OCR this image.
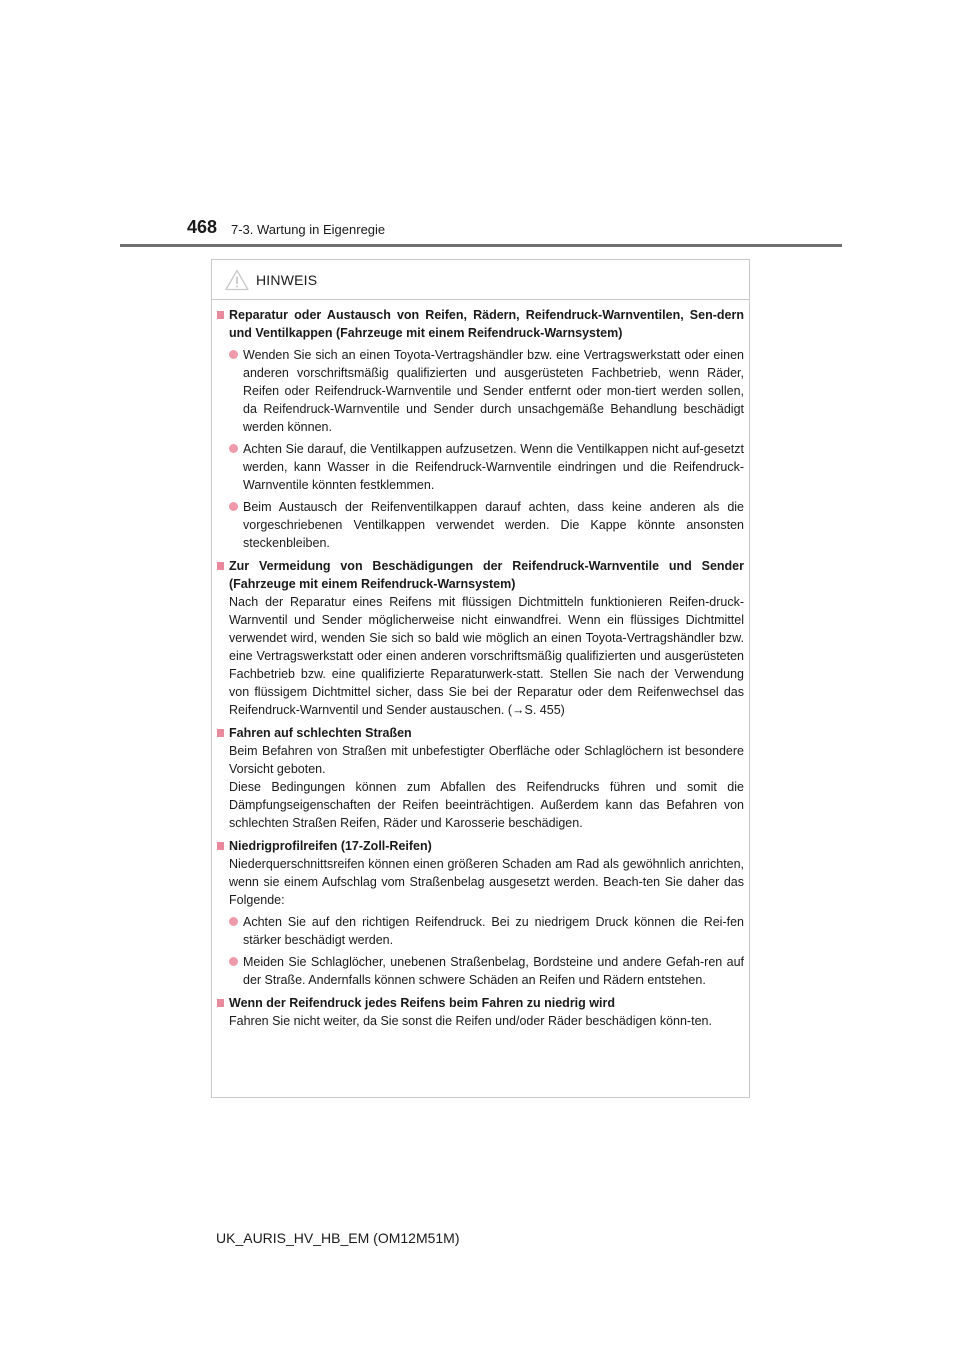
468 7-3. Wartung in Eigenregie
HINWEIS
Reparatur oder Austausch von Reifen, Rädern, Reifendruck-Warnventilen, Sen-dern und Ventilkappen (Fahrzeuge mit einem Reifendruck-Warnsystem)
Wenden Sie sich an einen Toyota-Vertragshändler bzw. eine Vertragswerkstatt oder einen anderen vorschriftsmäßig qualifizierten und ausgerüsteten Fachbetrieb, wenn Räder, Reifen oder Reifendruck-Warnventile und Sender entfernt oder mon-tiert werden sollen, da Reifendruck-Warnventile und Sender durch unsachgemäße Behandlung beschädigt werden können.
Achten Sie darauf, die Ventilkappen aufzusetzen. Wenn die Ventilkappen nicht auf-gesetzt werden, kann Wasser in die Reifendruck-Warnventile eindringen und die Reifendruck-Warnventile könnten festklemmen.
Beim Austausch der Reifenventilkappen darauf achten, dass keine anderen als die vorgeschriebenen Ventilkappen verwendet werden. Die Kappe könnte ansonsten steckenbleiben.
Zur Vermeidung von Beschädigungen der Reifendruck-Warnventile und Sender (Fahrzeuge mit einem Reifendruck-Warnsystem)
Nach der Reparatur eines Reifens mit flüssigen Dichtmitteln funktionieren Reifen-druck-Warnventil und Sender möglicherweise nicht einwandfrei. Wenn ein flüssiges Dichtmittel verwendet wird, wenden Sie sich so bald wie möglich an einen Toyota-Vertragshändler bzw. eine Vertragswerkstatt oder einen anderen vorschriftsmäßig qualifizierten und ausgerüsteten Fachbetrieb bzw. eine qualifizierte Reparaturwerk-statt. Stellen Sie nach der Verwendung von flüssigem Dichtmittel sicher, dass Sie bei der Reparatur oder dem Reifenwechsel das Reifendruck-Warnventil und Sender austauschen. (→S. 455)
Fahren auf schlechten Straßen
Beim Befahren von Straßen mit unbefestigter Oberfläche oder Schlaglöchern ist besondere Vorsicht geboten.
Diese Bedingungen können zum Abfallen des Reifendrucks führen und somit die Dämpfungseigenschaften der Reifen beeinträchtigen. Außerdem kann das Befahren von schlechten Straßen Reifen, Räder und Karosserie beschädigen.
Niedrigprofilreifen (17-Zoll-Reifen)
Niederquerschnittsreifen können einen größeren Schaden am Rad als gewöhnlich anrichten, wenn sie einem Aufschlag vom Straßenbelag ausgesetzt werden. Beach-ten Sie daher das Folgende:
Achten Sie auf den richtigen Reifendruck. Bei zu niedrigem Druck können die Rei-fen stärker beschädigt werden.
Meiden Sie Schlaglöcher, unebenen Straßenbelag, Bordsteine und andere Gefah-ren auf der Straße. Andernfalls können schwere Schäden an Reifen und Rädern entstehen.
Wenn der Reifendruck jedes Reifens beim Fahren zu niedrig wird
Fahren Sie nicht weiter, da Sie sonst die Reifen und/oder Räder beschädigen könn-ten.
UK_AURIS_HV_HB_EM (OM12M51M)
